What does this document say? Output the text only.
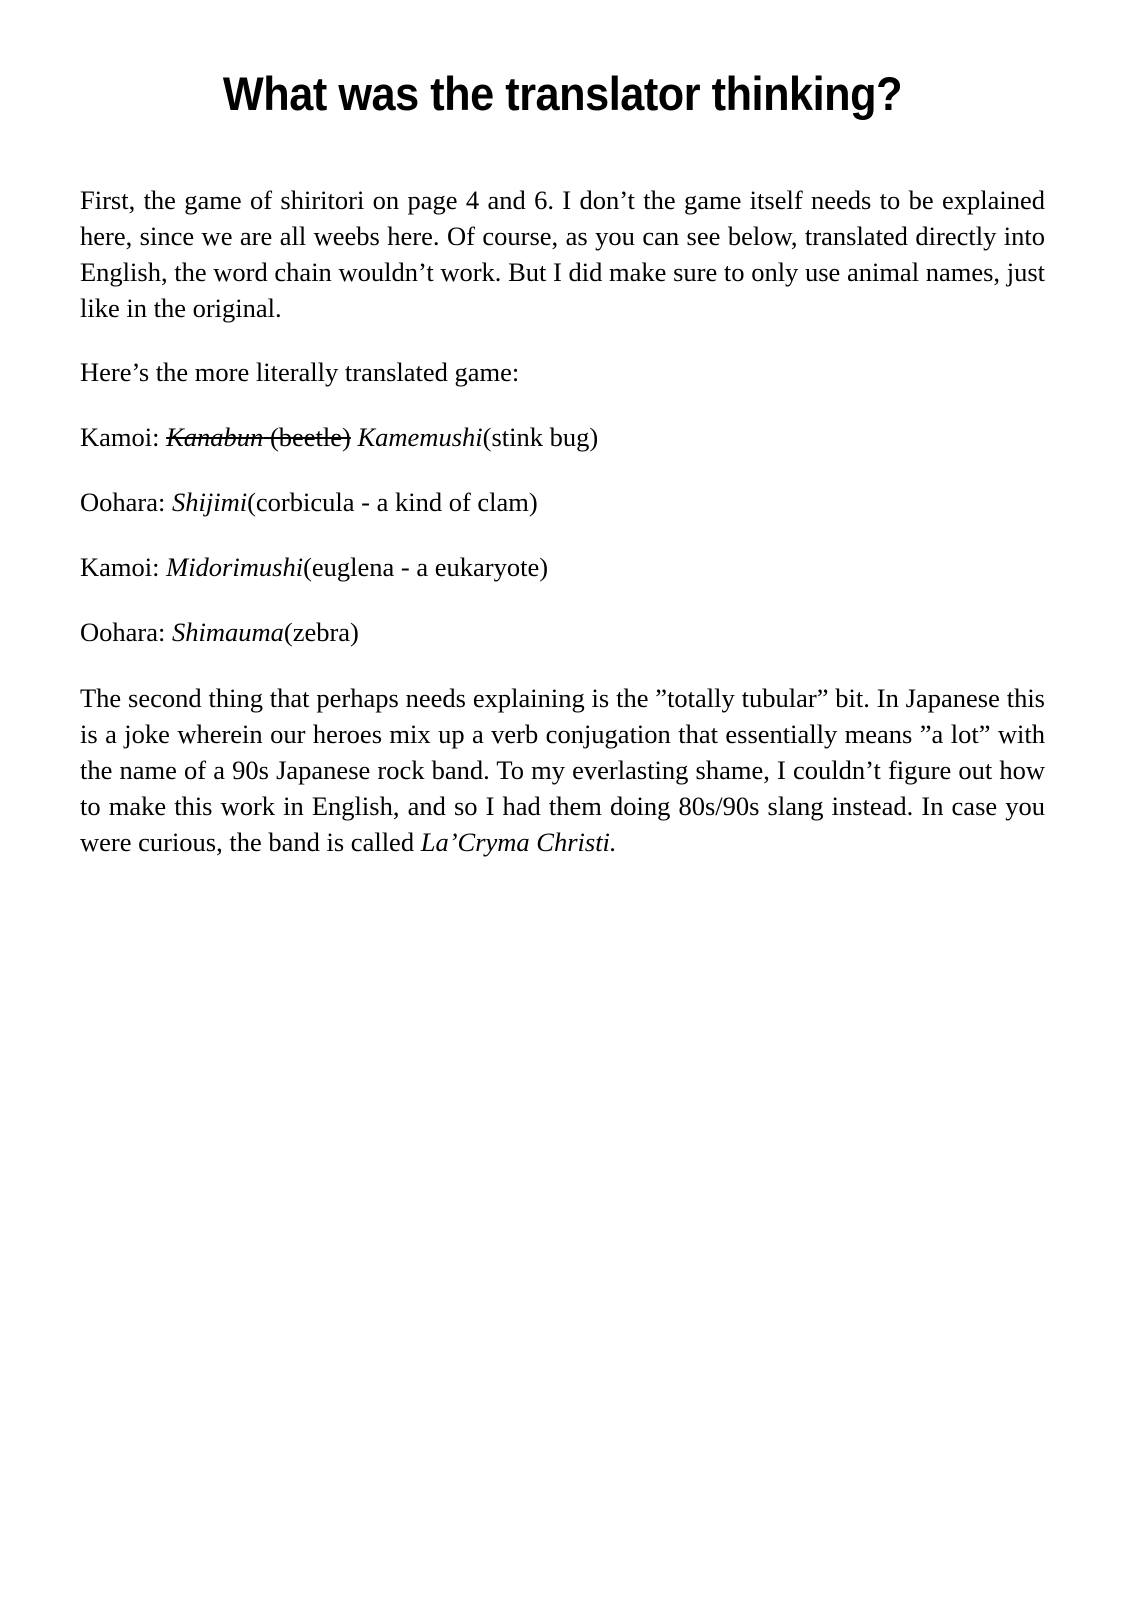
What was the translator thinking?

First, the game of shiritori on page 4 and 6. I don’t the game itself needs to be explained here, since we are all weebs here. Of course, as you can see below, translated directly into English, the word chain wouldn’t work. But I did make sure to only use animal names, just like in the original.

Here’s the more literally translated game:

Kamoi: Kanabun (beetle) Kamemushi(stink bug)

Oohara: Shijimi(corbicula - a kind of clam)

Kamoi: Midorimushi(euglena - a eukaryote)

Oohara: Shimauma(zebra)

The second thing that perhaps needs explaining is the ”totally tubular” bit. In Japanese this is a joke wherein our heroes mix up a verb conjugation that essentially means ”a lot” with the name of a 90s Japanese rock band. To my everlasting shame, I couldn’t figure out how to make this work in English, and so I had them doing 80s/90s slang instead. In case you were curious, the band is called La’Cryma Christi.
